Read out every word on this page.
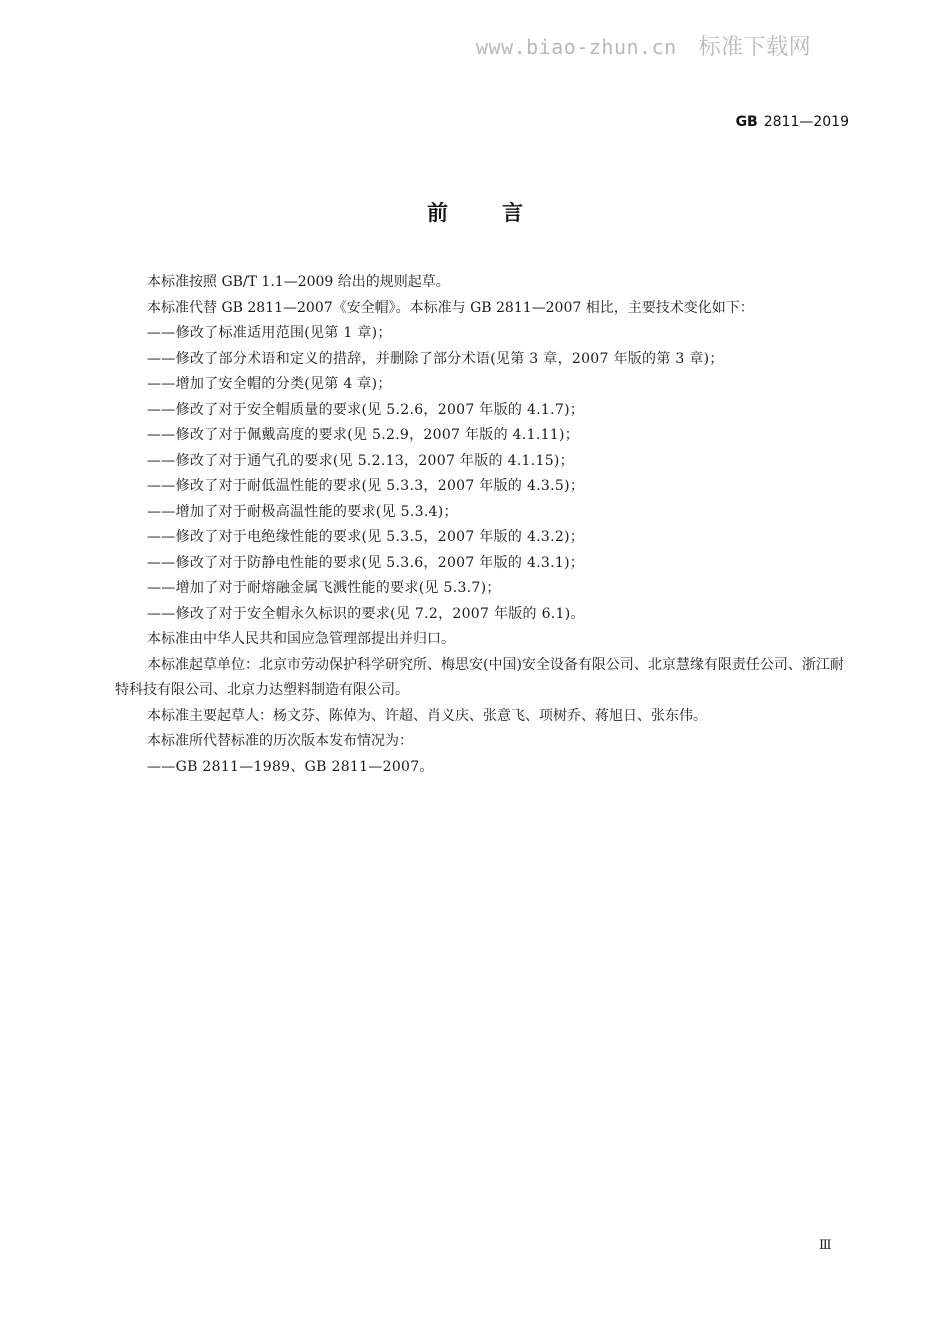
www.biao-zhun.cn 标准下载网
GB 2811—2019
前言

本标准按照 GB/T 1.1—2009 给出的规则起草。

本标准代替 GB 2811—2007《安全帽》。本标准与 GB 2811—2007 相比，主要技术变化如下：

——修改了标准适用范围(见第 1 章)；

——修改了部分术语和定义的措辞，并删除了部分术语(见第 3 章，2007 年版的第 3 章)；

——增加了安全帽的分类(见第 4 章)；

——修改了对于安全帽质量的要求(见 5.2.6，2007 年版的 4.1.7)；

——修改了对于佩戴高度的要求(见 5.2.9，2007 年版的 4.1.11)；

——修改了对于通气孔的要求(见 5.2.13，2007 年版的 4.1.15)；

——修改了对于耐低温性能的要求(见 5.3.3，2007 年版的 4.3.5)；

——增加了对于耐极高温性能的要求(见 5.3.4)；

——修改了对于电绝缘性能的要求(见 5.3.5，2007 年版的 4.3.2)；

——修改了对于防静电性能的要求(见 5.3.6，2007 年版的 4.3.1)；

——增加了对于耐熔融金属飞溅性能的要求(见 5.3.7)；

——修改了对于安全帽永久标识的要求(见 7.2，2007 年版的 6.1)。

本标准由中华人民共和国应急管理部提出并归口。

本标准起草单位：北京市劳动保护科学研究所、梅思安(中国)安全设备有限公司、北京慧缘有限责任公司、浙江耐特科技有限公司、北京力达塑料制造有限公司。

本标准主要起草人：杨文芬、陈倬为、许超、肖义庆、张意飞、项树乔、蒋旭日、张东伟。

本标准所代替标准的历次版本发布情况为：

——GB 2811—1989、GB 2811—2007。

Ⅲ
